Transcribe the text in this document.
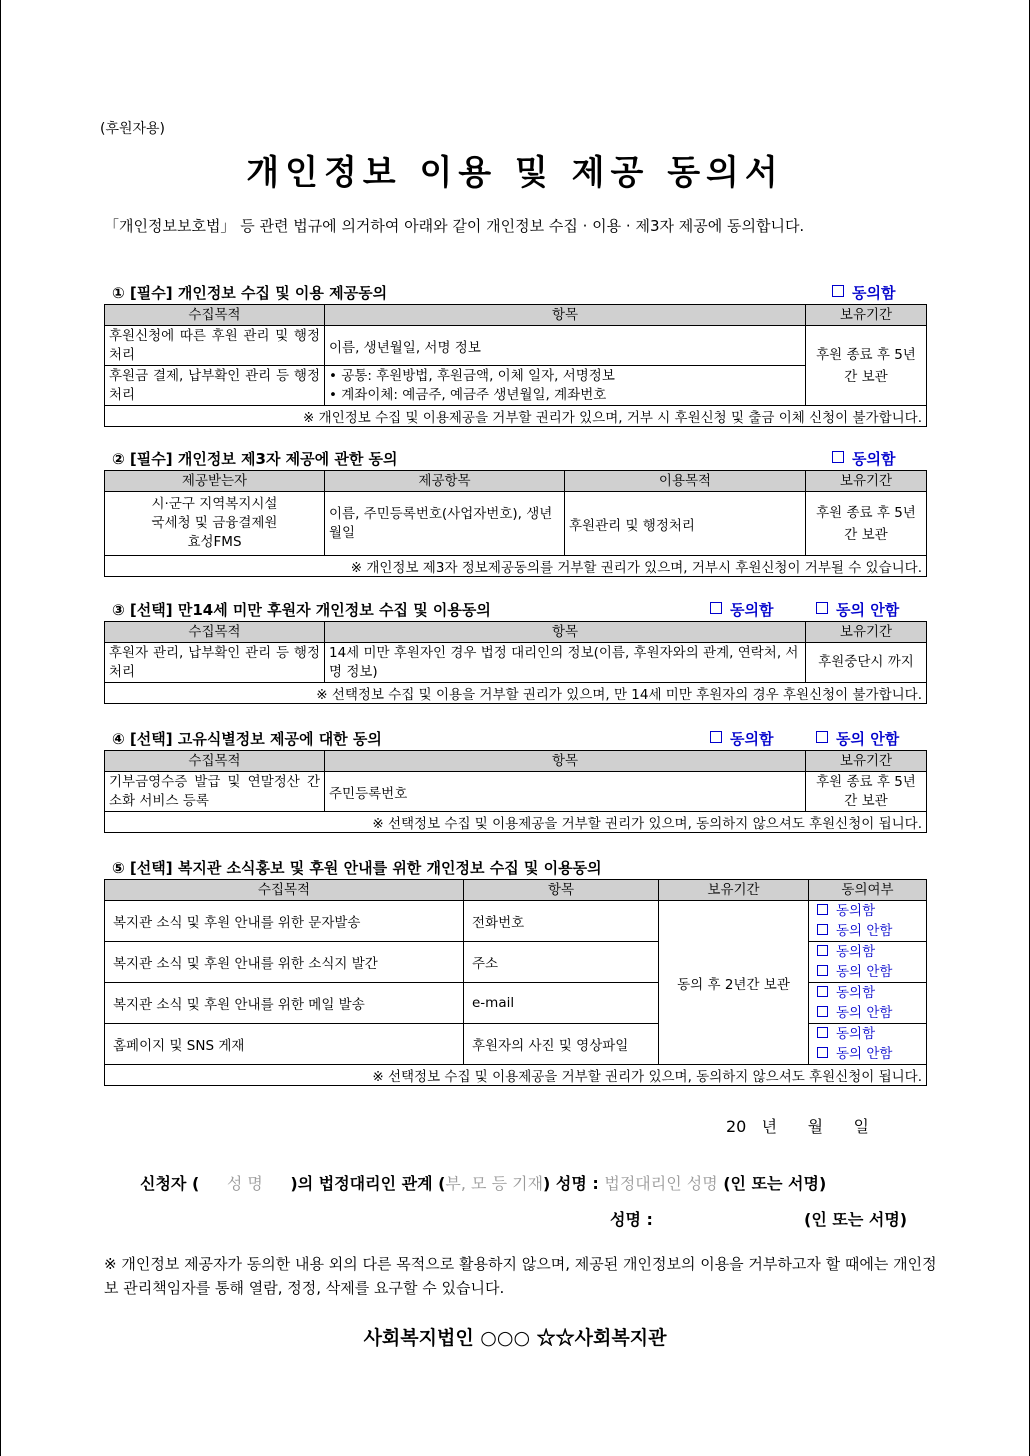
(후원자용)
개인정보 이용 및 제공 동의서
「개인정보보호법」 등 관련 법규에 의거하여 아래와 같이 개인정보 수집 · 이용 · 제3자 제공에 동의합니다.
① [필수] 개인정보 수집 및 이용 제공동의	동의함
수집목적	항목	보유기간
후원신청에 따른 후원 관리 및 행정처리	이름, 생년월일, 서명 정보	후원 종료 후 5년간 보관
후원금 결제, 납부확인 관리 등 행정처리	• 공통: 후원방법, 후원금액, 이체 일자, 서명정보
• 계좌이체: 예금주, 예금주 생년월일, 계좌번호	

※ 개인정보 수집 및 이용제공을 거부할 권리가 있으며, 거부 시 후원신청 및 출금 이체 신청이 불가합니다.		
② [필수] 개인정보 제3자 제공에 관한 동의	동의함
제공받는자	제공항목	이용목적	보유기간

시·군구 지역복지시설
국세청 및 금융결제원
효성FMS	이름, 주민등록번호(사업자번호), 생년월일	후원관리 및 행정처리	후원 종료 후 5년간 보관
※ 개인정보 제3자 정보제공동의를 거부할 권리가 있으며, 거부시 후원신청이 거부될 수 있습니다.			
③ [선택] 만14세 미만 후원자 개인정보 수집 및 이용동의	동의함	동의 안함
수집목적	항목	보유기간
후원자 관리, 납부확인 관리 등 행정처리	14세 미만 후원자인 경우 법정 대리인의 정보(이름, 후원자와의 관계, 연락처, 서명 정보)	후원중단시 까지
※ 선택정보 수집 및 이용을 거부할 권리가 있으며, 만 14세 미만 후원자의 경우 후원신청이 불가합니다.		
④ [선택] 고유식별정보 제공에 대한 동의	동의함	동의 안함
수집목적	항목	보유기간
기부금영수증 발급 및 연말정산 간소화 서비스 등록	주민등록번호	후원 종료 후 5년간 보관
※ 선택정보 수집 및 이용제공을 거부할 권리가 있으며, 동의하지 않으셔도 후원신청이 됩니다.		
⑤ [선택] 복지관 소식홍보 및 후원 안내를 위한 개인정보 수집 및 이용동의
수집목적	항목	보유기간	동의여부
복지관 소식 및 후원 안내를 위한 문자발송	전화번호	동의 후 2년간 보관	동의함
동의 안함

복지관 소식 및 후원 안내를 위한 소식지 발간	주소		동의함
동의 안함

복지관 소식 및 후원 안내를 위한 메일 발송	e-mail		동의함
동의 안함

홈페이지 및 SNS 게재	후원자의 사진 및 영상파일		동의함
동의 안함

※ 선택정보 수집 및 이용제공을 거부할 권리가 있으며, 동의하지 않으셔도 후원신청이 됩니다.			
20   년      월      일
신청자 ( 성 명 )의 법정대리인 관계 (부, 모 등 기재) 성명 : 법정대리인 성명 (인 또는 서명)
성명 :	(인 또는 서명)
※ 개인정보 제공자가 동의한 내용 외의 다른 목적으로 활용하지 않으며, 제공된 개인정보의 이용을 거부하고자 할 때에는 개인정보 관리책임자를 통해 열람, 정정, 삭제를 요구할 수 있습니다.
사회복지법인 ○○○ ☆☆사회복지관
